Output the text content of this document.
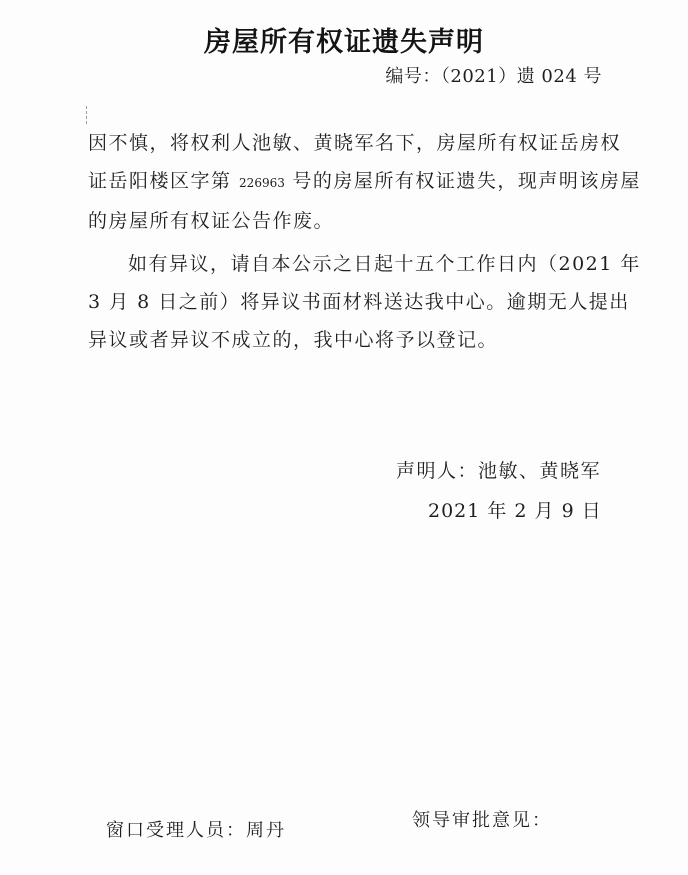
房屋所有权证遗失声明
编号：（2021）遗 024 号
因不慎，将权利人池敏、黄晓军名下，房屋所有权证岳房权
证岳阳楼区字第 226963 号的房屋所有权证遗失，现声明该房屋
的房屋所有权证公告作废。
如有异议，请自本公示之日起十五个工作日内（2021 年
3 月 8 日之前）将异议书面材料送达我中心。逾期无人提出
异议或者异议不成立的，我中心将予以登记。
声明人：池敏、黄晓军
2021 年 2 月 9 日
窗口受理人员：周丹	领导审批意见：
